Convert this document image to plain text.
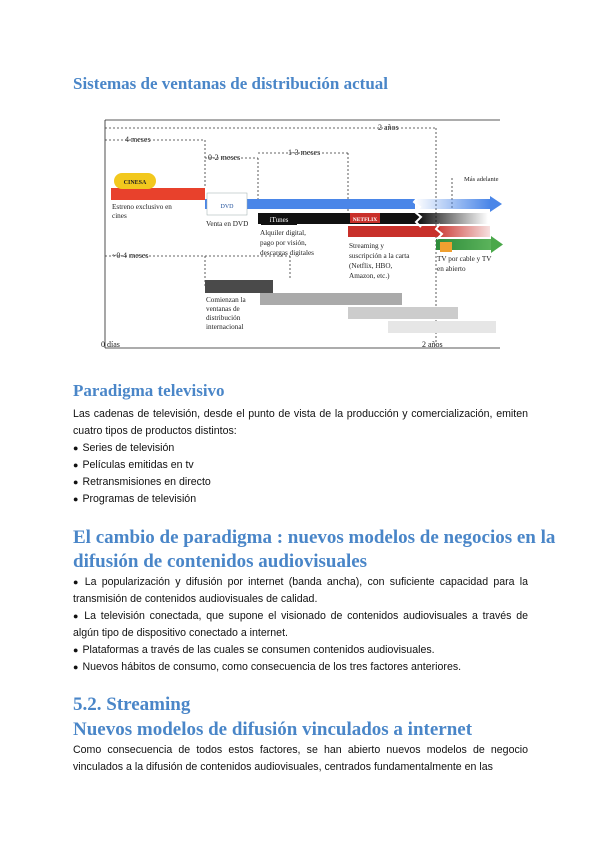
Sistemas de ventanas de distribución actual
2 años
4 meses
0-2 meses
1-3 meses
~0-4 meses
Más adelante
0 días	2 años
CINESA
DVD
iTunes	NETFLIX
Estreno exclusivo en
cines
Venta en DVD
Alquiler digital,
pago por visión,
descargas digitales
Streaming y
suscripción a la carta
(Netflix, HBO,
Amazon, etc.)
TV por cable y TV
en abierto
Comienzan la
ventanas de
distribución
internacional
Paradigma televisivo

Las cadenas de televisión, desde el punto de vista de la producción y comercialización, emiten cuatro tipos de productos distintos:

● Series de televisión
● Películas emitidas en tv
● Retransmisiones en directo
● Programas de televisión
El cambio de paradigma : nuevos modelos de negocios en la
difusión de contenidos audiovisuales
● La popularización y difusión por internet (banda ancha), con suficiente capacidad para la transmisión de contenidos audiovisuales de calidad.
● La televisión conectada, que supone el visionado de contenidos audiovisuales a través de algún tipo de dispositivo conectado a internet.
● Plataformas a través de las cuales se consumen contenidos audiovisuales.
● Nuevos hábitos de consumo, como consecuencia de los tres factores anteriores.
5.2. Streaming
Nuevos modelos de difusión vinculados a internet

Como consecuencia de todos estos factores, se han abierto nuevos modelos de negocio vinculados a la difusión de contenidos audiovisuales, centrados fundamentalmente en las
